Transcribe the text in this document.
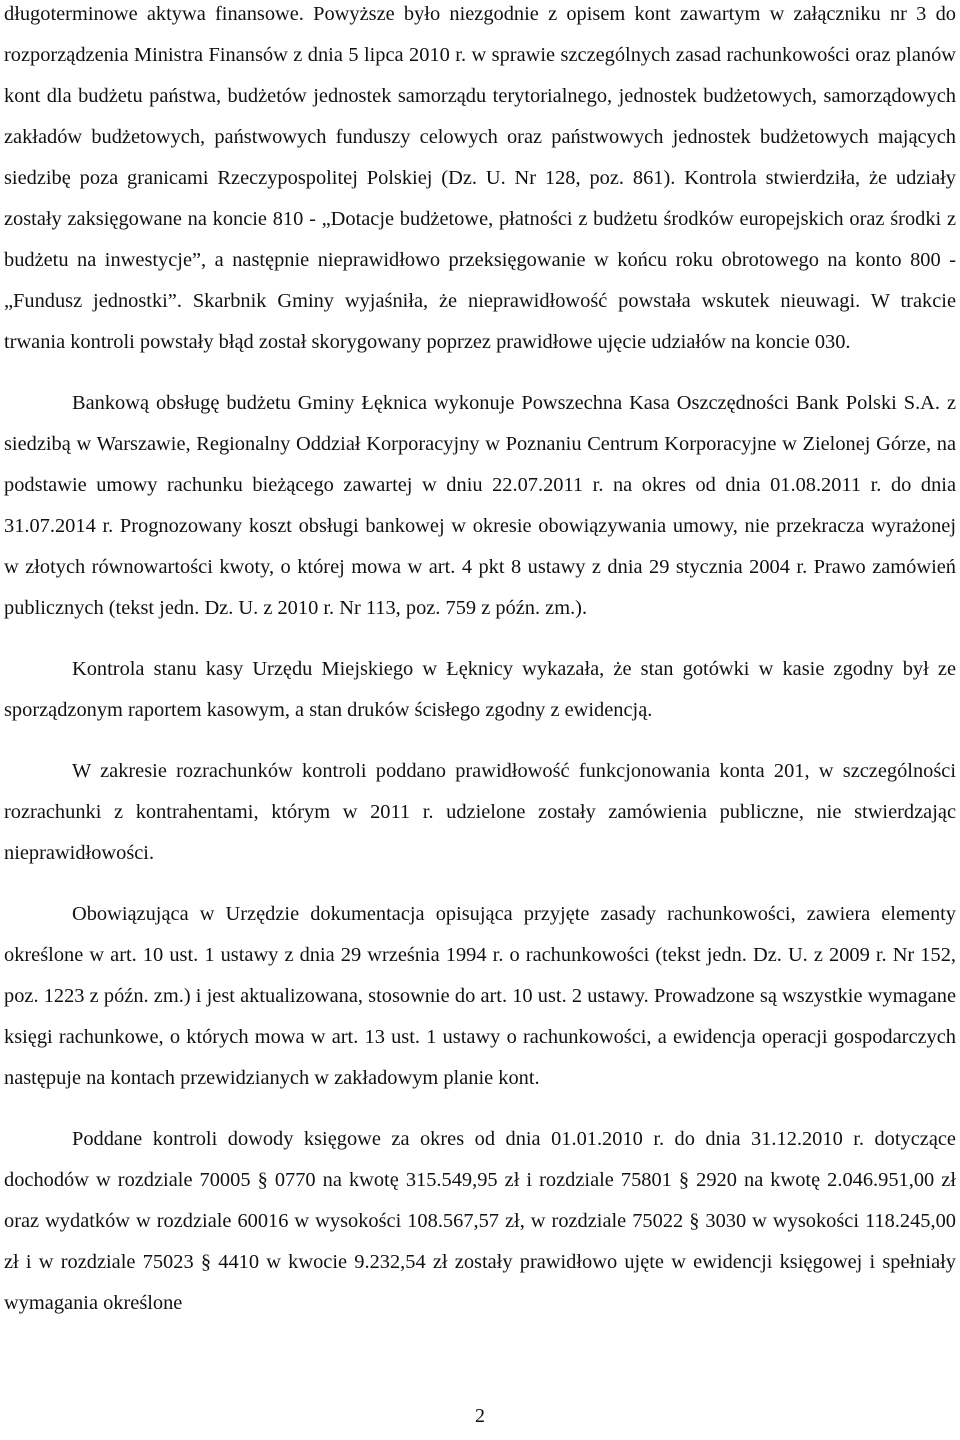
długoterminowe aktywa finansowe. Powyższe było niezgodnie z opisem kont zawartym w załączniku nr 3 do rozporządzenia Ministra Finansów z dnia 5 lipca 2010 r. w sprawie szczególnych zasad rachunkowości oraz planów kont dla budżetu państwa, budżetów jednostek samorządu terytorialnego, jednostek budżetowych, samorządowych zakładów budżetowych, państwowych funduszy celowych oraz państwowych jednostek budżetowych mających siedzibę poza granicami Rzeczypospolitej Polskiej (Dz. U. Nr 128, poz. 861). Kontrola stwierdziła, że udziały zostały zaksięgowane na koncie 810 - „Dotacje budżetowe, płatności z budżetu środków europejskich oraz środki z budżetu na inwestycje”, a następnie nieprawidłowo przeksięgowanie w końcu roku obrotowego na konto 800 - „Fundusz jednostki”. Skarbnik Gminy wyjaśniła, że nieprawidłowość powstała wskutek nieuwagi. W trakcie trwania kontroli powstały błąd został skorygowany poprzez prawidłowe ujęcie udziałów na koncie 030.

Bankową obsługę budżetu Gminy Łęknica wykonuje Powszechna Kasa Oszczędności Bank Polski S.A. z siedzibą w Warszawie, Regionalny Oddział Korporacyjny w Poznaniu Centrum Korporacyjne w Zielonej Górze, na podstawie umowy rachunku bieżącego zawartej w dniu 22.07.2011 r. na okres od dnia 01.08.2011 r. do dnia 31.07.2014 r. Prognozowany koszt obsługi bankowej w okresie obowiązywania umowy, nie przekracza wyrażonej w złotych równowartości kwoty, o której mowa w art. 4 pkt 8 ustawy z dnia 29 stycznia 2004 r. Prawo zamówień publicznych (tekst jedn. Dz. U. z 2010 r. Nr 113, poz. 759 z późn. zm.).

Kontrola stanu kasy Urzędu Miejskiego w Łęknicy wykazała, że stan gotówki w kasie zgodny był ze sporządzonym raportem kasowym, a stan druków ścisłego zgodny z ewidencją.

W zakresie rozrachunków kontroli poddano prawidłowość funkcjonowania konta 201, w szczególności rozrachunki z kontrahentami, którym w 2011 r. udzielone zostały zamówienia publiczne, nie stwierdzając nieprawidłowości.

Obowiązująca w Urzędzie dokumentacja opisująca przyjęte zasady rachunkowości, zawiera elementy określone w art. 10 ust. 1 ustawy z dnia 29 września 1994 r. o rachunkowości (tekst jedn. Dz. U. z 2009 r. Nr 152, poz. 1223 z późn. zm.) i jest aktualizowana, stosownie do art. 10 ust. 2 ustawy. Prowadzone są wszystkie wymagane księgi rachunkowe, o których mowa w art. 13 ust. 1 ustawy o rachunkowości, a ewidencja operacji gospodarczych następuje na kontach przewidzianych w zakładowym planie kont.

Poddane kontroli dowody księgowe za okres od dnia 01.01.2010 r. do dnia 31.12.2010 r. dotyczące dochodów w rozdziale 70005 § 0770 na kwotę 315.549,95 zł i rozdziale 75801 § 2920 na kwotę 2.046.951,00 zł oraz wydatków w rozdziale 60016 w wysokości 108.567,57 zł, w rozdziale 75022 § 3030 w wysokości 118.245,00 zł i w rozdziale 75023 § 4410 w kwocie 9.232,54 zł zostały prawidłowo ujęte w ewidencji księgowej i spełniały wymagania określone

2
